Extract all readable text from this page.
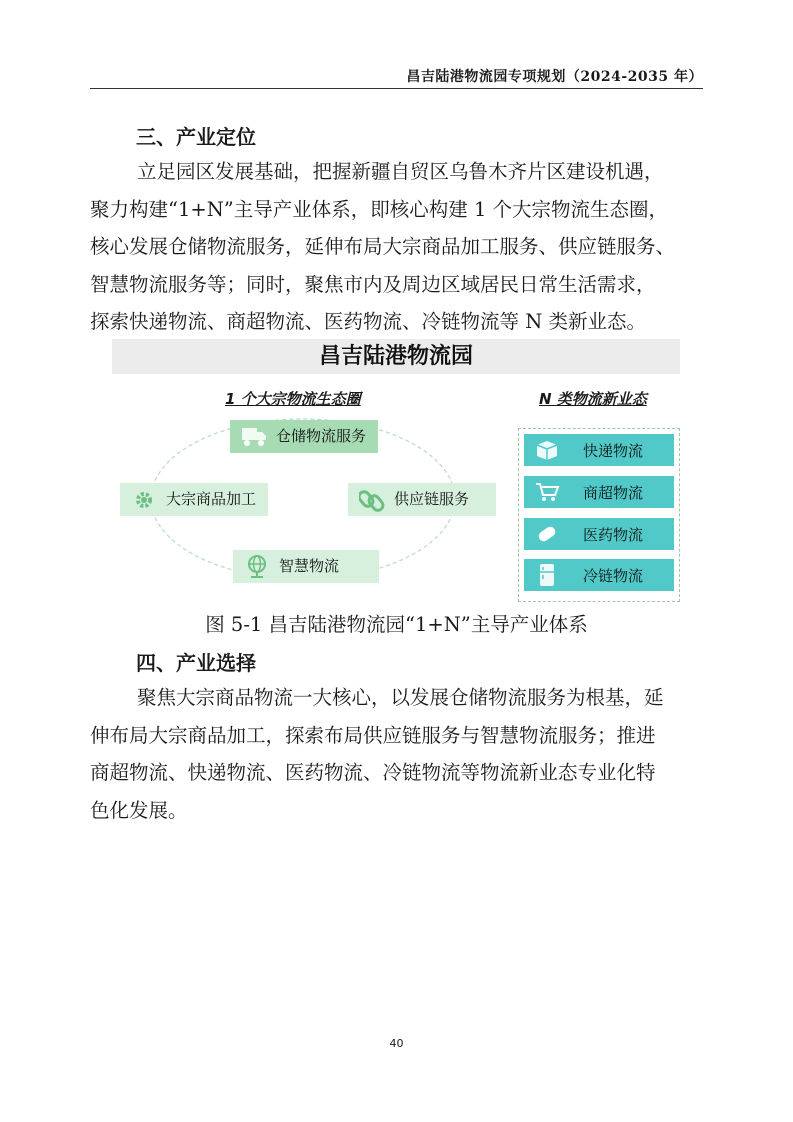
昌吉陆港物流园专项规划（2024-2035 年）
三、产业定位

立足园区发展基础，把握新疆自贸区乌鲁木齐片区建设机遇，
聚力构建“1+N”主导产业体系，即核心构建 1 个大宗物流生态圈，
核心发展仓储物流服务，延伸布局大宗商品加工服务、供应链服务、
智慧物流服务等；同时，聚焦市内及周边区域居民日常生活需求，
探索快递物流、商超物流、医药物流、冷链物流等 N 类新业态。

昌吉陆港物流园
1 个大宗物流生态圈	N 类物流新业态
仓储物流服务
大宗商品加工	供应链服务
智慧物流
快递物流
商超物流
医药物流
冷链物流
图 5-1 昌吉陆港物流园“1+N”主导产业体系
四、产业选择

聚焦大宗商品物流一大核心，以发展仓储物流服务为根基，延
伸布局大宗商品加工，探索布局供应链服务与智慧物流服务；推进
商超物流、快递物流、医药物流、冷链物流等物流新业态专业化特
色化发展。

40
